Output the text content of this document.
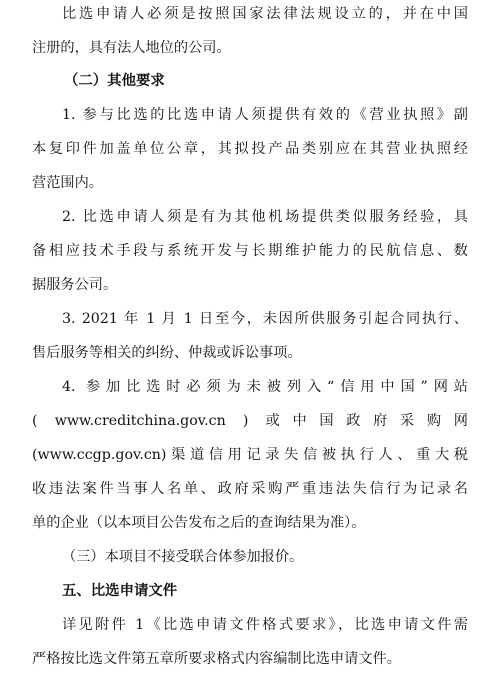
比选申请人必须是按照国家法律法规设立的，并在中国
注册的，具有法人地位的公司。
（二）其他要求
1. 参与比选的比选申请人须提供有效的《营业执照》副
本复印件加盖单位公章，其拟投产品类别应在其营业执照经
营范围内。
2. 比选申请人须是有为其他机场提供类似服务经验，具
备相应技术手段与系统开发与长期维护能力的民航信息、数
据服务公司。
3. 2021 年 1 月 1 日至今，未因所供服务引起合同执行、
售后服务等相关的纠纷、仲裁或诉讼事项。
4. 参加比选时必须为未被列入“信用中国”网站
( www.creditchina.gov.cn ) 或中国政府采购网
(www.ccgp.gov.cn)渠道信用记录失信被执行人、重大税
收违法案件当事人名单、政府采购严重违法失信行为记录名
单的企业（以本项目公告发布之后的查询结果为准）。
（三）本项目不接受联合体参加报价。
五、比选申请文件
详见附件 1《比选申请文件格式要求》，比选申请文件需
严格按比选文件第五章所要求格式内容编制比选申请文件。
